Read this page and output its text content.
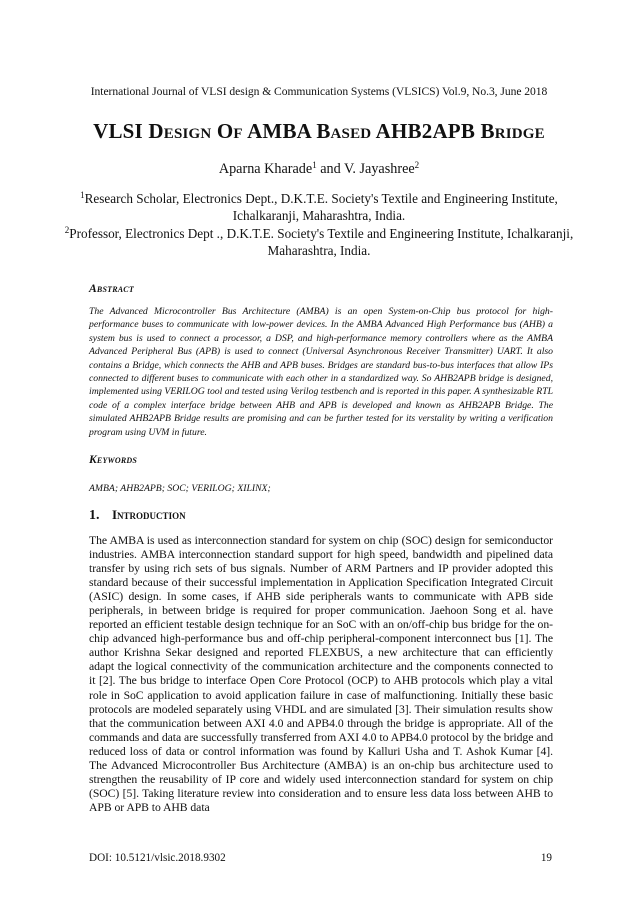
International Journal of VLSI design & Communication Systems (VLSICS) Vol.9, No.3, June 2018
VLSI Design Of AMBA Based AHB2APB Bridge
Aparna Kharade$^1$ and V. Jayashree$^2$
$^1$Research Scholar, Electronics Dept., D.K.T.E. Society's Textile and Engineering Institute, Ichalkaranji, Maharashtra, India.
$^2$Professor, Electronics Dept ., D.K.T.E. Society's Textile and Engineering Institute, Ichalkaranji, Maharashtra, India.
Abstract
The Advanced Microcontroller Bus Architecture (AMBA) is an open System-on-Chip bus protocol for high-performance buses to communicate with low-power devices. In the AMBA Advanced High Performance bus (AHB) a system bus is used to connect a processor, a DSP, and high-performance memory controllers where as the AMBA Advanced Peripheral Bus (APB) is used to connect (Universal Asynchronous Receiver Transmitter) UART. It also contains a Bridge, which connects the AHB and APB buses. Bridges are standard bus-to-bus interfaces that allow IPs connected to different buses to communicate with each other in a standardized way. So AHB2APB bridge is designed, implemented using VERILOG tool and tested using Verilog testbench and is reported in this paper. A synthesizable RTL code of a complex interface bridge between AHB and APB is developed and known as AHB2APB Bridge. The simulated AHB2APB Bridge results are promising and can be further tested for its verstality by writing a verification program using UVM in future.
Keywords
AMBA; AHB2APB; SOC; VERILOG; XILINX;
1. Introduction
The AMBA is used as interconnection standard for system on chip (SOC) design for semiconductor industries. AMBA interconnection standard support for high speed, bandwidth and pipelined data transfer by using rich sets of bus signals. Number of ARM Partners and IP provider adopted this standard because of their successful implementation in Application Specification Integrated Circuit (ASIC) design. In some cases, if AHB side peripherals wants to communicate with APB side peripherals, in between bridge is required for proper communication. Jaehoon Song et al. have reported an efficient testable design technique for an SoC with an on/off-chip bus bridge for the on-chip advanced high-performance bus and off-chip peripheral-component interconnect bus [1]. The author Krishna Sekar designed and reported FLEXBUS, a new architecture that can efficiently adapt the logical connectivity of the communication architecture and the components connected to it [2]. The bus bridge to interface Open Core Protocol (OCP) to AHB protocols which play a vital role in SoC application to avoid application failure in case of malfunctioning. Initially these basic protocols are modeled separately using VHDL and are simulated [3]. Their simulation results show that the communication between AXI 4.0 and APB4.0 through the bridge is appropriate. All of the commands and data are successfully transferred from AXI 4.0 to APB4.0 protocol by the bridge and reduced loss of data or control information was found by Kalluri Usha and T. Ashok Kumar [4]. The Advanced Microcontroller Bus Architecture (AMBA) is an on-chip bus architecture used to strengthen the reusability of IP core and widely used interconnection standard for system on chip (SOC) [5]. Taking literature review into consideration and to ensure less data loss between AHB to APB or APB to AHB data
DOI: 10.5121/vlsic.2018.9302	19
